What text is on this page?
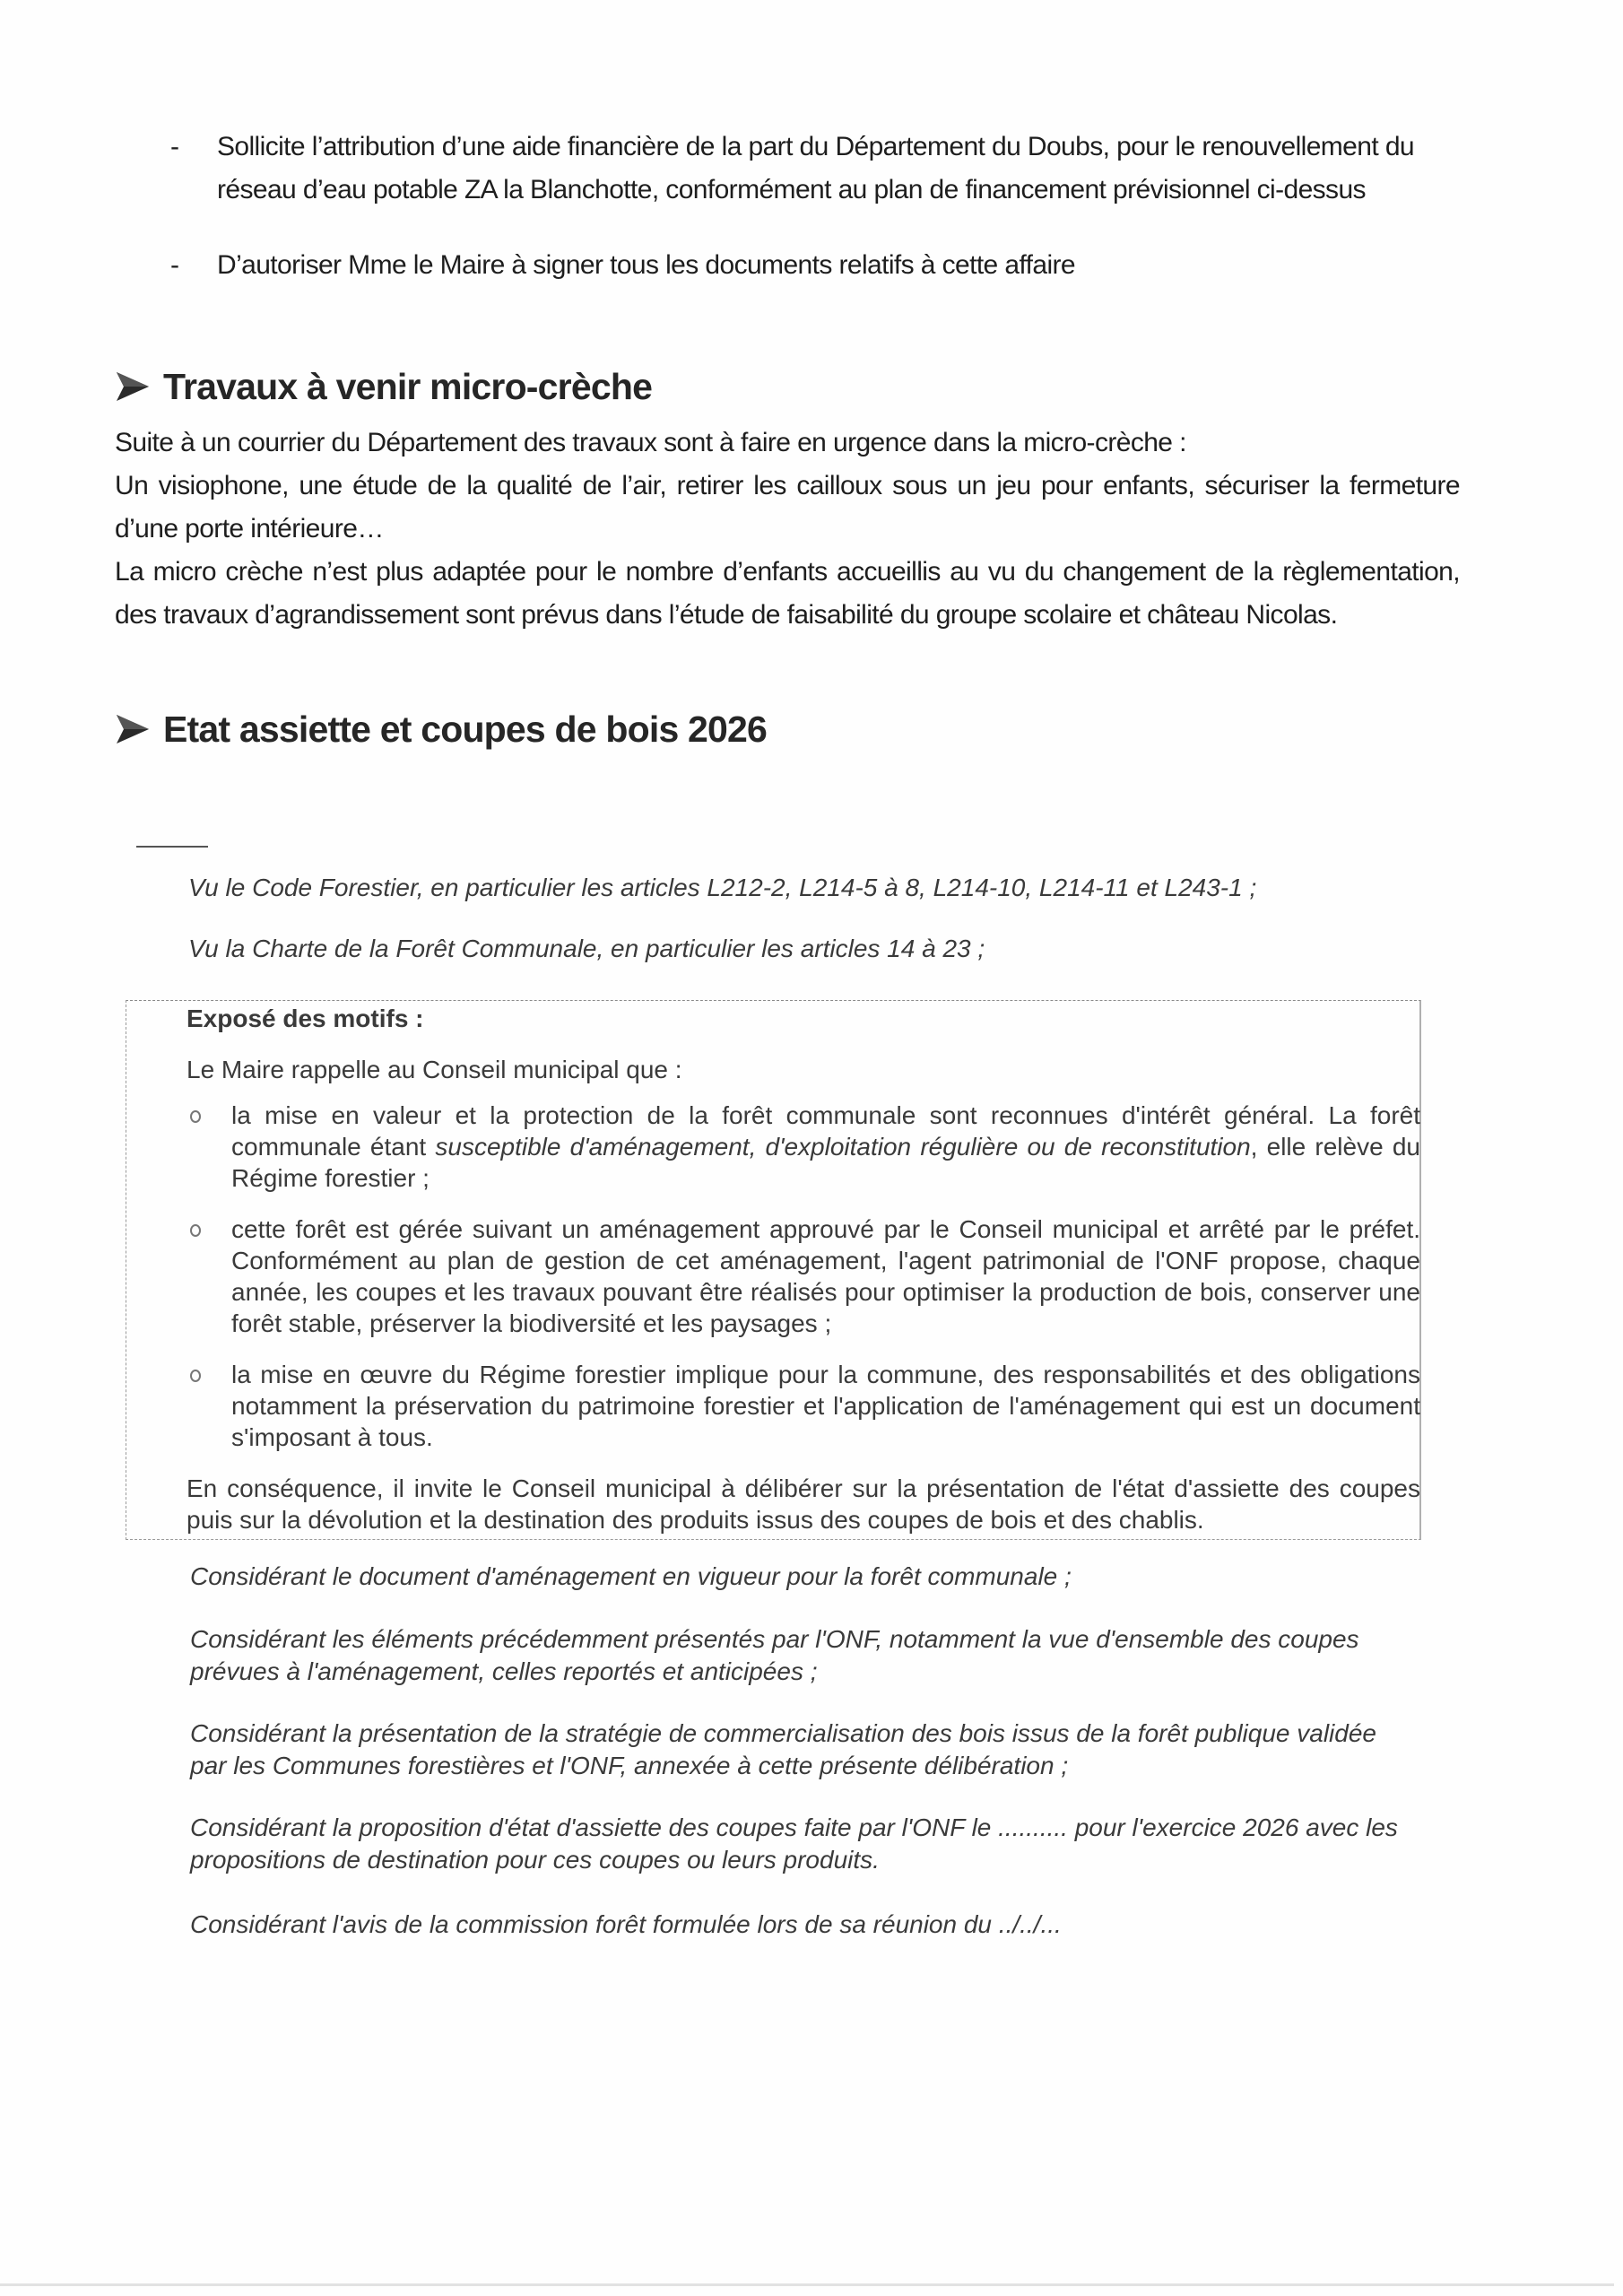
- Sollicite l’attribution d’une aide financière de la part du Département du Doubs, pour le renouvellement du réseau d’eau potable ZA la Blanchotte, conformément au plan de financement prévisionnel ci-dessus
- D’autoriser Mme le Maire à signer tous les documents relatifs à cette affaire
Travaux à venir micro-crèche
Suite à un courrier du Département des travaux sont à faire en urgence dans la micro-crèche :
Un visiophone, une étude de la qualité de l’air, retirer les cailloux sous un jeu pour enfants, sécuriser la fermeture d’une porte intérieure…
La micro crèche n’est plus adaptée pour le nombre d’enfants accueillis au vu du changement de la règlementation, des travaux d’agrandissement sont prévus dans l’étude de faisabilité du groupe scolaire et château Nicolas.
Etat assiette et coupes de bois 2026
Vu le Code Forestier, en particulier les articles L212-2, L214-5 à 8, L214-10, L214-11 et L243-1 ;
Vu la Charte de la Forêt Communale, en particulier les articles 14 à 23 ;
Exposé des motifs :
Le Maire rappelle au Conseil municipal que :
la mise en valeur et la protection de la forêt communale sont reconnues d'intérêt général. La forêt communale étant susceptible d'aménagement, d'exploitation régulière ou de reconstitution, elle relève du Régime forestier ;
cette forêt est gérée suivant un aménagement approuvé par le Conseil municipal et arrêté par le préfet. Conformément au plan de gestion de cet aménagement, l'agent patrimonial de l'ONF propose, chaque année, les coupes et les travaux pouvant être réalisés pour optimiser la production de bois, conserver une forêt stable, préserver la biodiversité et les paysages ;
la mise en œuvre du Régime forestier implique pour la commune, des responsabilités et des obligations notamment la préservation du patrimoine forestier et l'application de l'aménagement qui est un document s'imposant à tous.
En conséquence, il invite le Conseil municipal à délibérer sur la présentation de l'état d'assiette des coupes puis sur la dévolution et la destination des produits issus des coupes de bois et des chablis.
Considérant le document d'aménagement en vigueur pour la forêt communale ;
Considérant les éléments précédemment présentés par l'ONF, notamment la vue d'ensemble des coupes prévues à l'aménagement, celles reportés et anticipées ;
Considérant la présentation de la stratégie de commercialisation des bois issus de la forêt publique validée par les Communes forestières et l'ONF, annexée à cette présente délibération ;
Considérant la proposition d'état d'assiette des coupes faite par l'ONF le .......... pour l'exercice 2026 avec les propositions de destination pour ces coupes ou leurs produits.
Considérant l'avis de la commission forêt formulée lors de sa réunion du ../../...
